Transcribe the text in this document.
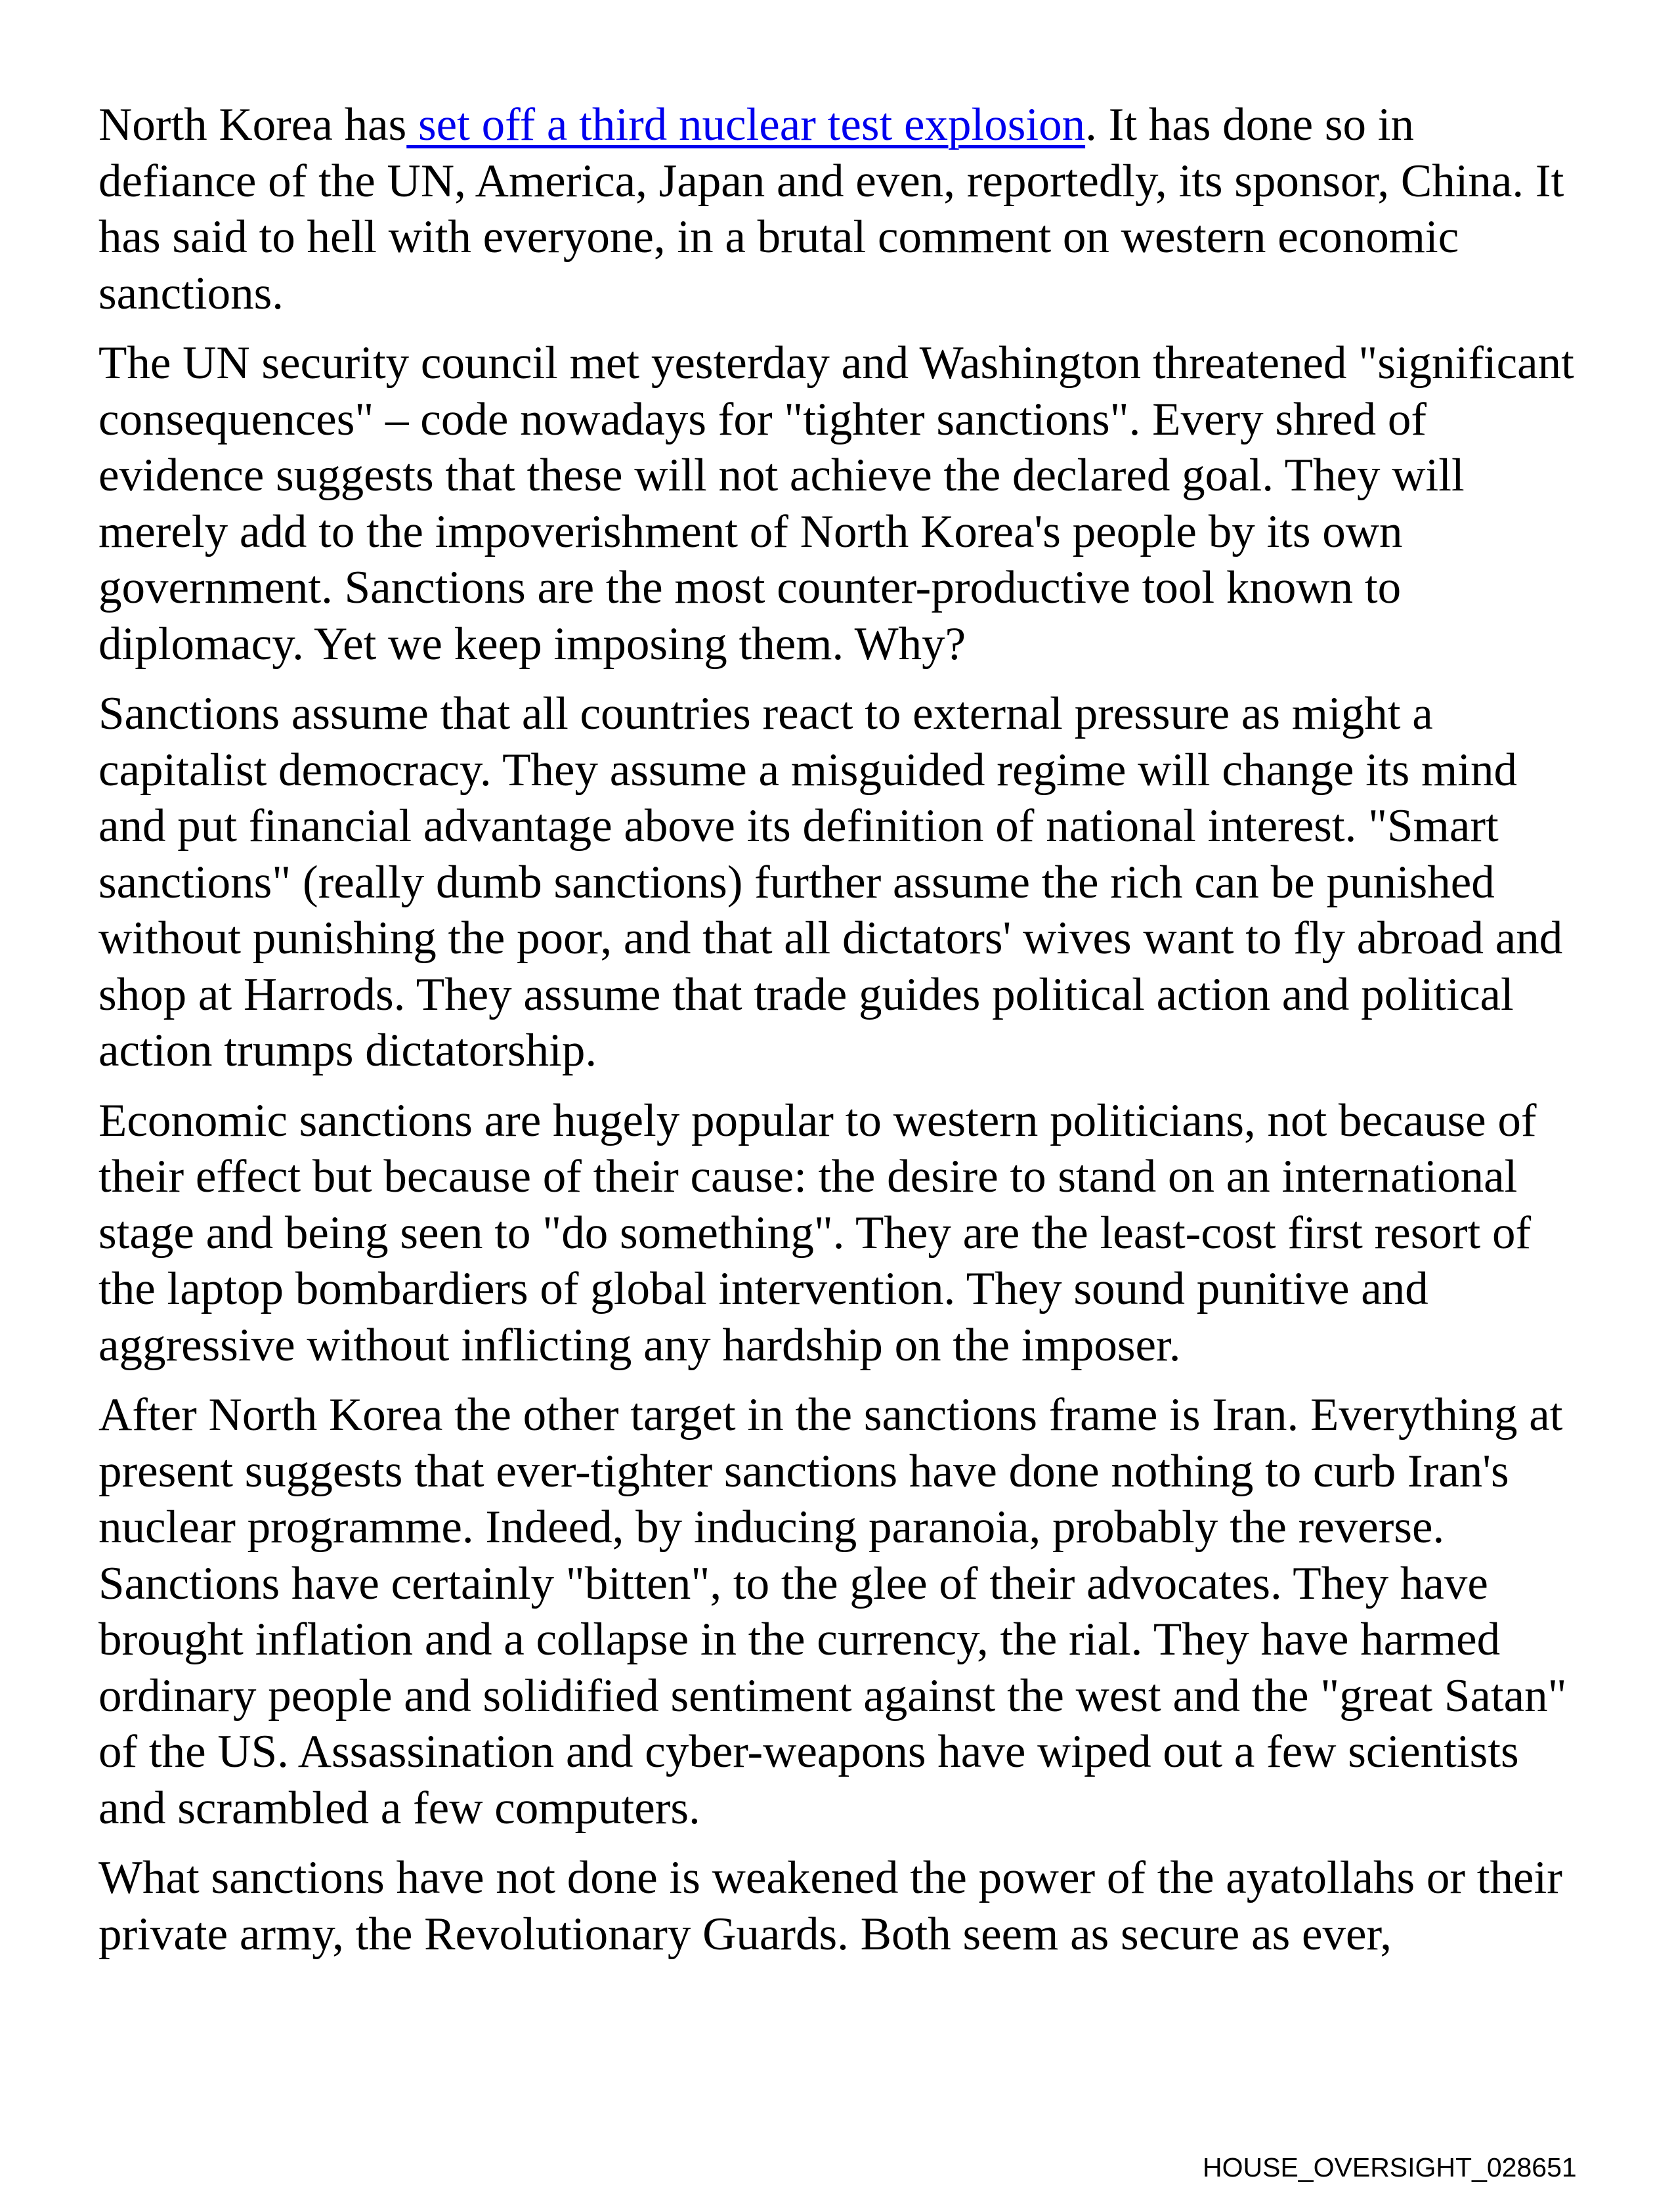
North Korea has set off a third nuclear test explosion. It has done so in defiance of the UN, America, Japan and even, reportedly, its sponsor, China. It has said to hell with everyone, in a brutal comment on western economic sanctions.

The UN security council met yesterday and Washington threatened "significant consequences" – code nowadays for "tighter sanctions". Every shred of evidence suggests that these will not achieve the declared goal. They will merely add to the impoverishment of North Korea's people by its own government. Sanctions are the most counter-productive tool known to diplomacy. Yet we keep imposing them. Why?

Sanctions assume that all countries react to external pressure as might a capitalist democracy. They assume a misguided regime will change its mind and put financial advantage above its definition of national interest. "Smart sanctions" (really dumb sanctions) further assume the rich can be punished without punishing the poor, and that all dictators' wives want to fly abroad and shop at Harrods. They assume that trade guides political action and political action trumps dictatorship.

Economic sanctions are hugely popular to western politicians, not because of their effect but because of their cause: the desire to stand on an international stage and being seen to "do something". They are the least-cost first resort of the laptop bombardiers of global intervention. They sound punitive and aggressive without inflicting any hardship on the imposer.

After North Korea the other target in the sanctions frame is Iran. Everything at present suggests that ever-tighter sanctions have done nothing to curb Iran's nuclear programme. Indeed, by inducing paranoia, probably the reverse. Sanctions have certainly "bitten", to the glee of their advocates. They have brought inflation and a collapse in the currency, the rial. They have harmed ordinary people and solidified sentiment against the west and the "great Satan" of the US. Assassination and cyber-weapons have wiped out a few scientists and scrambled a few computers.

What sanctions have not done is weakened the power of the ayatollahs or their private army, the Revolutionary Guards. Both seem as secure as ever,

HOUSE_OVERSIGHT_028651
